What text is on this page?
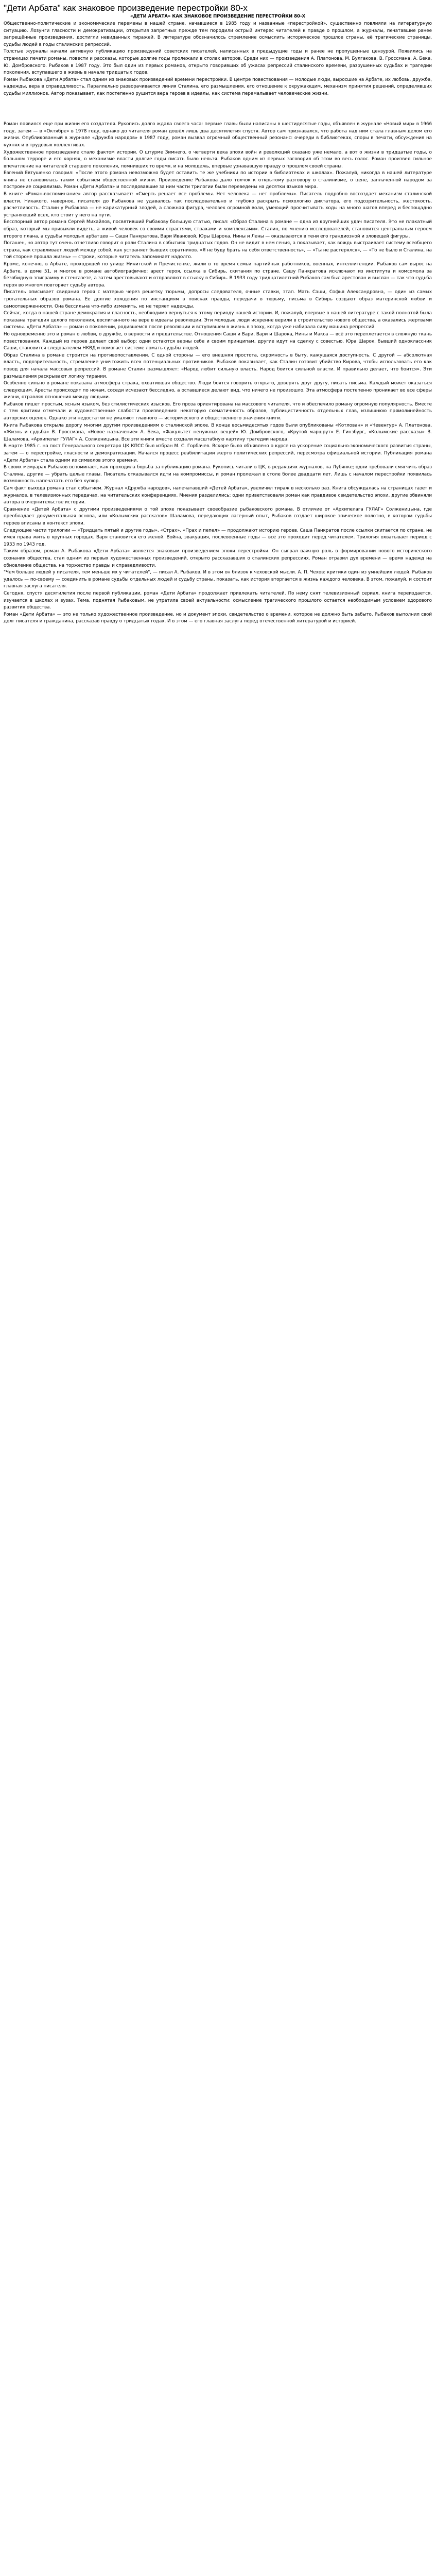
"Дети Арбата" как знаковое произведение перестройки 80-х
«ДЕТИ АРБАТА» КАК ЗНАКОВОЕ ПРОИЗВЕДЕНИЕ ПЕРЕСТРОЙКИ 80-Х

Общественно-политические и экономические перемены в нашей стране, начавшиеся в 1985 году и названные «перестройкой», существенно повлияли на литературную ситуацию. Лозунги гласности и демократизации, открытия запретных прежде тем породили острый интерес читателей к правде о прошлом, а журналы, печатавшие ранее запрещённые произведения, достигли невиданных тиражей. В литературе обозначилось стремление осмыслить историческое прошлое страны, её трагические страницы, судьбы людей в годы сталинских репрессий.

Толстые журналы начали активную публикацию произведений советских писателей, написанных в предыдущие годы и ранее не пропущенные цензурой. Появились на страницах печати романы, повести и рассказы, которые долгие годы пролежали в столах авторов. Среди них — произведения А. Платонова, М. Булгакова, В. Гроссмана, А. Бека, Ю. Домбровского. Рыбаков в 1987 году. Это был один из первых романов, открыто говоривших об ужасах репрессий сталинского времени, разрушенных судьбах и трагедии поколения, вступавшего в жизнь в начале тридцатых годов.

Роман Рыбакова «Дети Арбата» стал одним из знаковых произведений времени перестройки. В центре повествования — молодые люди, выросшие на Арбате, их любовь, дружба, надежды, вера в справедливость. Параллельно разворачивается линия Сталина, его размышления, его отношение к окружающим, механизм принятия решений, определявших судьбы миллионов. Автор показывает, как постепенно рушится вера героев в идеалы, как система перемалывает человеческие жизни.

Роман появился еще при жизни его создателя. Рукопись долго ждала своего часа: первые главы были написаны в шестидесятые годы, объявлен в журнале «Новый мир» в 1966 году, затем — в «Октябре» в 1978 году, однако до читателя роман дошёл лишь два десятилетия спустя. Автор сам признавался, что работа над ним стала главным делом его жизни. Опубликованный в журнале «Дружба народов» в 1987 году, роман вызвал огромный общественный резонанс: очереди в библиотеках, споры в печати, обсуждения на кухнях и в трудовых коллективах.

Художественное произведение стало фактом истории. О штурме Зимнего, о четверти века эпохи войн и революций сказано уже немало, а вот о жизни в тридцатые годы, о большом терроре и его корнях, о механизме власти долгие годы писать было нельзя. Рыбаков одним из первых заговорил об этом во весь голос. Роман произвел сильное впечатление на читателей старшего поколения, помнивших то время, и на молодежь, впервые узнававшую правду о прошлом своей страны.

Евгений Евтушенко говорил: «После этого романа невозможно будет оставить те же учебники по истории в библиотеках и школах». Пожалуй, никогда в нашей литературе книга не становилась таким событием общественной жизни. Произведение Рыбакова дало толчок к открытому разговору о сталинизме, о цене, заплаченной народом за построение социализма. Роман «Дети Арбата» и последовавшие за ним части трилогии были переведены на десятки языков мира.

В книге «Роман-воспоминание» автор рассказывает: «Смерть решает все проблемы. Нет человека — нет проблемы». Писатель подробно воссоздает механизм сталинской власти. Никакого, наверное, писателя до Рыбакова не удавалось так последовательно и глубоко раскрыть психологию диктатора, его подозрительность, жестокость, расчетливость. Сталин у Рыбакова — не карикатурный злодей, а сложная фигура, человек огромной воли, умеющий просчитывать ходы на много шагов вперед и беспощадно устраняющий всех, кто стоит у него на пути.

Бесспорный автор романа Сергей Михайлов, посвятивший Рыбакову большую статью, писал: «Образ Сталина в романе — одна из крупнейших удач писателя. Это не плакатный образ, который мы привыкли видеть, а живой человек со своими страстями, страхами и комплексами». Сталин, по мнению исследователей, становится центральным героем второго плана, а судьбы молодых арбатцев — Саши Панкратова, Вари Ивановой, Юры Шарока, Нины и Лены — оказываются в тени его грандиозной и зловещей фигуры.

Погашен, но автор тут очень отчетливо говорит о роли Сталина в событиях тридцатых годов. Он не видит в нем гения, а показывает, как вождь выстраивает систему всеобщего страха, как стравливает людей между собой, как устраняет бывших соратников. «Я не буду брать на себя ответственность», — «Ты не растерялся», — «То не было и Сталина, на той стороне прошла жизнь» — строки, которые читатель запоминает надолго.

Кроме, конечно, в Арбате, проходящей по улице Никитской и Пречистенке, жили в то время семьи партийных работников, военных, интеллигенции. Рыбаков сам вырос на Арбате, в доме 51, и многое в романе автобиографично: арест героя, ссылка в Сибирь, скитания по стране. Сашу Панкратова исключают из института и комсомола за безобидную эпиграмму в стенгазете, а затем арестовывают и отправляют в ссылку в Сибирь. В 1933 году тридцатилетний Рыбаков сам был арестован и выслан — так что судьба героя во многом повторяет судьбу автора.

Писатель описывает свидания героя с матерью через решетку тюрьмы, допросы следователя, очные ставки, этап. Мать Саши, Софья Александровна, — один из самых трогательных образов романа. Ее долгие хождения по инстанциям в поисках правды, передачи в тюрьму, письма в Сибирь создают образ материнской любви и самоотверженности. Она бессильна что-либо изменить, но не теряет надежды.

Сейчас, когда в нашей стране демократия и гласность, необходимо вернуться к этому периоду нашей истории. И, пожалуй, впервые в нашей литературе с такой полнотой была показана трагедия целого поколения, воспитанного на вере в идеалы революции. Эти молодые люди искренне верили в строительство нового общества, а оказались жертвами системы. «Дети Арбата» — роман о поколении, родившемся после революции и вступившем в жизнь в эпоху, когда уже набирала силу машина репрессий.

Но одновременно это и роман о любви, о дружбе, о верности и предательстве. Отношения Саши и Вари, Вари и Шарока, Нины и Макса — всё это переплетается в сложную ткань повествования. Каждый из героев делает свой выбор: одни остаются верны себе и своим принципам, другие идут на сделку с совестью. Юра Шарок, бывший одноклассник Саши, становится следователем НКВД и помогает системе ломать судьбы людей.

Образ Сталина в романе строится на противопоставлении. С одной стороны — его внешняя простота, скромность в быту, кажущаяся доступность. С другой — абсолютная власть, подозрительность, стремление уничтожить всех потенциальных противников. Рыбаков показывает, как Сталин готовит убийство Кирова, чтобы использовать его как повод для начала массовых репрессий. В романе Сталин размышляет: «Народ любит сильную власть. Народ боится сильной власти. И правильно делает, что боится». Эти размышления раскрывают логику тирании.

Особенно сильно в романе показана атмосфера страха, охватившая общество. Люди боятся говорить открыто, доверять друг другу, писать письма. Каждый может оказаться следующим. Аресты происходят по ночам, соседи исчезают бесследно, а оставшиеся делают вид, что ничего не произошло. Эта атмосфера постепенно проникает во все сферы жизни, отравляя отношения между людьми.

Рыбаков пишет простым, ясным языком, без стилистических изысков. Его проза ориентирована на массового читателя, что и обеспечило роману огромную популярность. Вместе с тем критики отмечали и художественные слабости произведения: некоторую схематичность образов, публицистичность отдельных глав, излишнюю прямолинейность авторских оценок. Однако эти недостатки не умаляют главного — исторического и общественного значения книги.

Книга Рыбакова открыла дорогу многим другим произведениям о сталинской эпохе. В конце восьмидесятых годов были опубликованы «Котлован» и «Чевенгур» А. Платонова, «Жизнь и судьба» В. Гроссмана, «Новое назначение» А. Бека, «Факультет ненужных вещей» Ю. Домбровского, «Крутой маршрут» Е. Гинзбург, «Колымские рассказы» В. Шаламова, «Архипелаг ГУЛАГ» А. Солженицына. Все эти книги вместе создали масштабную картину трагедии народа.

В марте 1985 г. на пост Генерального секретаря ЦК КПСС был избран М. С. Горбачев. Вскоре было объявлено о курсе на ускорение социально-экономического развития страны, затем — о перестройке, гласности и демократизации. Начался процесс реабилитации жертв политических репрессий, пересмотра официальной истории. Публикация романа «Дети Арбата» стала одним из символов этого времени.

В своих мемуарах Рыбаков вспоминает, как проходила борьба за публикацию романа. Рукопись читали в ЦК, в редакциях журналов, на Лубянке; одни требовали смягчить образ Сталина, другие — убрать целые главы. Писатель отказывался идти на компромиссы, и роман пролежал в столе более двадцати лет. Лишь с началом перестройки появилась возможность напечатать его без купюр.

Сам факт выхода романа стал событием. Журнал «Дружба народов», напечатавший «Детей Арбата», увеличил тираж в несколько раз. Книга обсуждалась на страницах газет и журналов, в телевизионных передачах, на читательских конференциях. Мнения разделились: одни приветствовали роман как правдивое свидетельство эпохи, другие обвиняли автора в очернительстве истории.

Сравнение «Детей Арбата» с другими произведениями о той эпохе показывает своеобразие рыбаковского романа. В отличие от «Архипелага ГУЛАГ» Солженицына, где преобладает документальная основа, или «Колымских рассказов» Шаламова, передающих лагерный опыт, Рыбаков создает широкое эпическое полотно, в котором судьбы героев вписаны в контекст эпохи.

Следующие части трилогии — «Тридцать пятый и другие годы», «Страх», «Прах и пепел» — продолжают историю героев. Саша Панкратов после ссылки скитается по стране, не имея права жить в крупных городах. Варя становится его женой. Война, эвакуация, послевоенные годы — всё это проходит перед читателем. Трилогия охватывает период с 1933 по 1943 год.

Таким образом, роман А. Рыбакова «Дети Арбата» является знаковым произведением эпохи перестройки. Он сыграл важную роль в формировании нового исторического сознания общества, стал одним из первых художественных произведений, открыто рассказавших о сталинских репрессиях. Роман отразил дух времени — время надежд на обновление общества, на торжество правды и справедливости.

"Чем больше людей у писателя, тем меньше их у читателей", — писал А. Рыбаков. И в этом он близок к чеховской мысли. А. П. Чехов: критики один из умнейших людей. Рыбаков удалось — по-своему — соединить в романе судьбы отдельных людей и судьбу страны, показать, как история вторгается в жизнь каждого человека. В этом, пожалуй, и состоит главная заслуга писателя.

Сегодня, спустя десятилетия после первой публикации, роман «Дети Арбата» продолжает привлекать читателей. По нему снят телевизионный сериал, книга переиздается, изучается в школах и вузах. Тема, поднятая Рыбаковым, не утратила своей актуальности: осмысление трагического прошлого остается необходимым условием здорового развития общества.

Роман «Дети Арбата» — это не только художественное произведение, но и документ эпохи, свидетельство о времени, которое не должно быть забыто. Рыбаков выполнил свой долг писателя и гражданина, рассказав правду о тридцатых годах. И в этом — его главная заслуга перед отечественной литературой и историей.
